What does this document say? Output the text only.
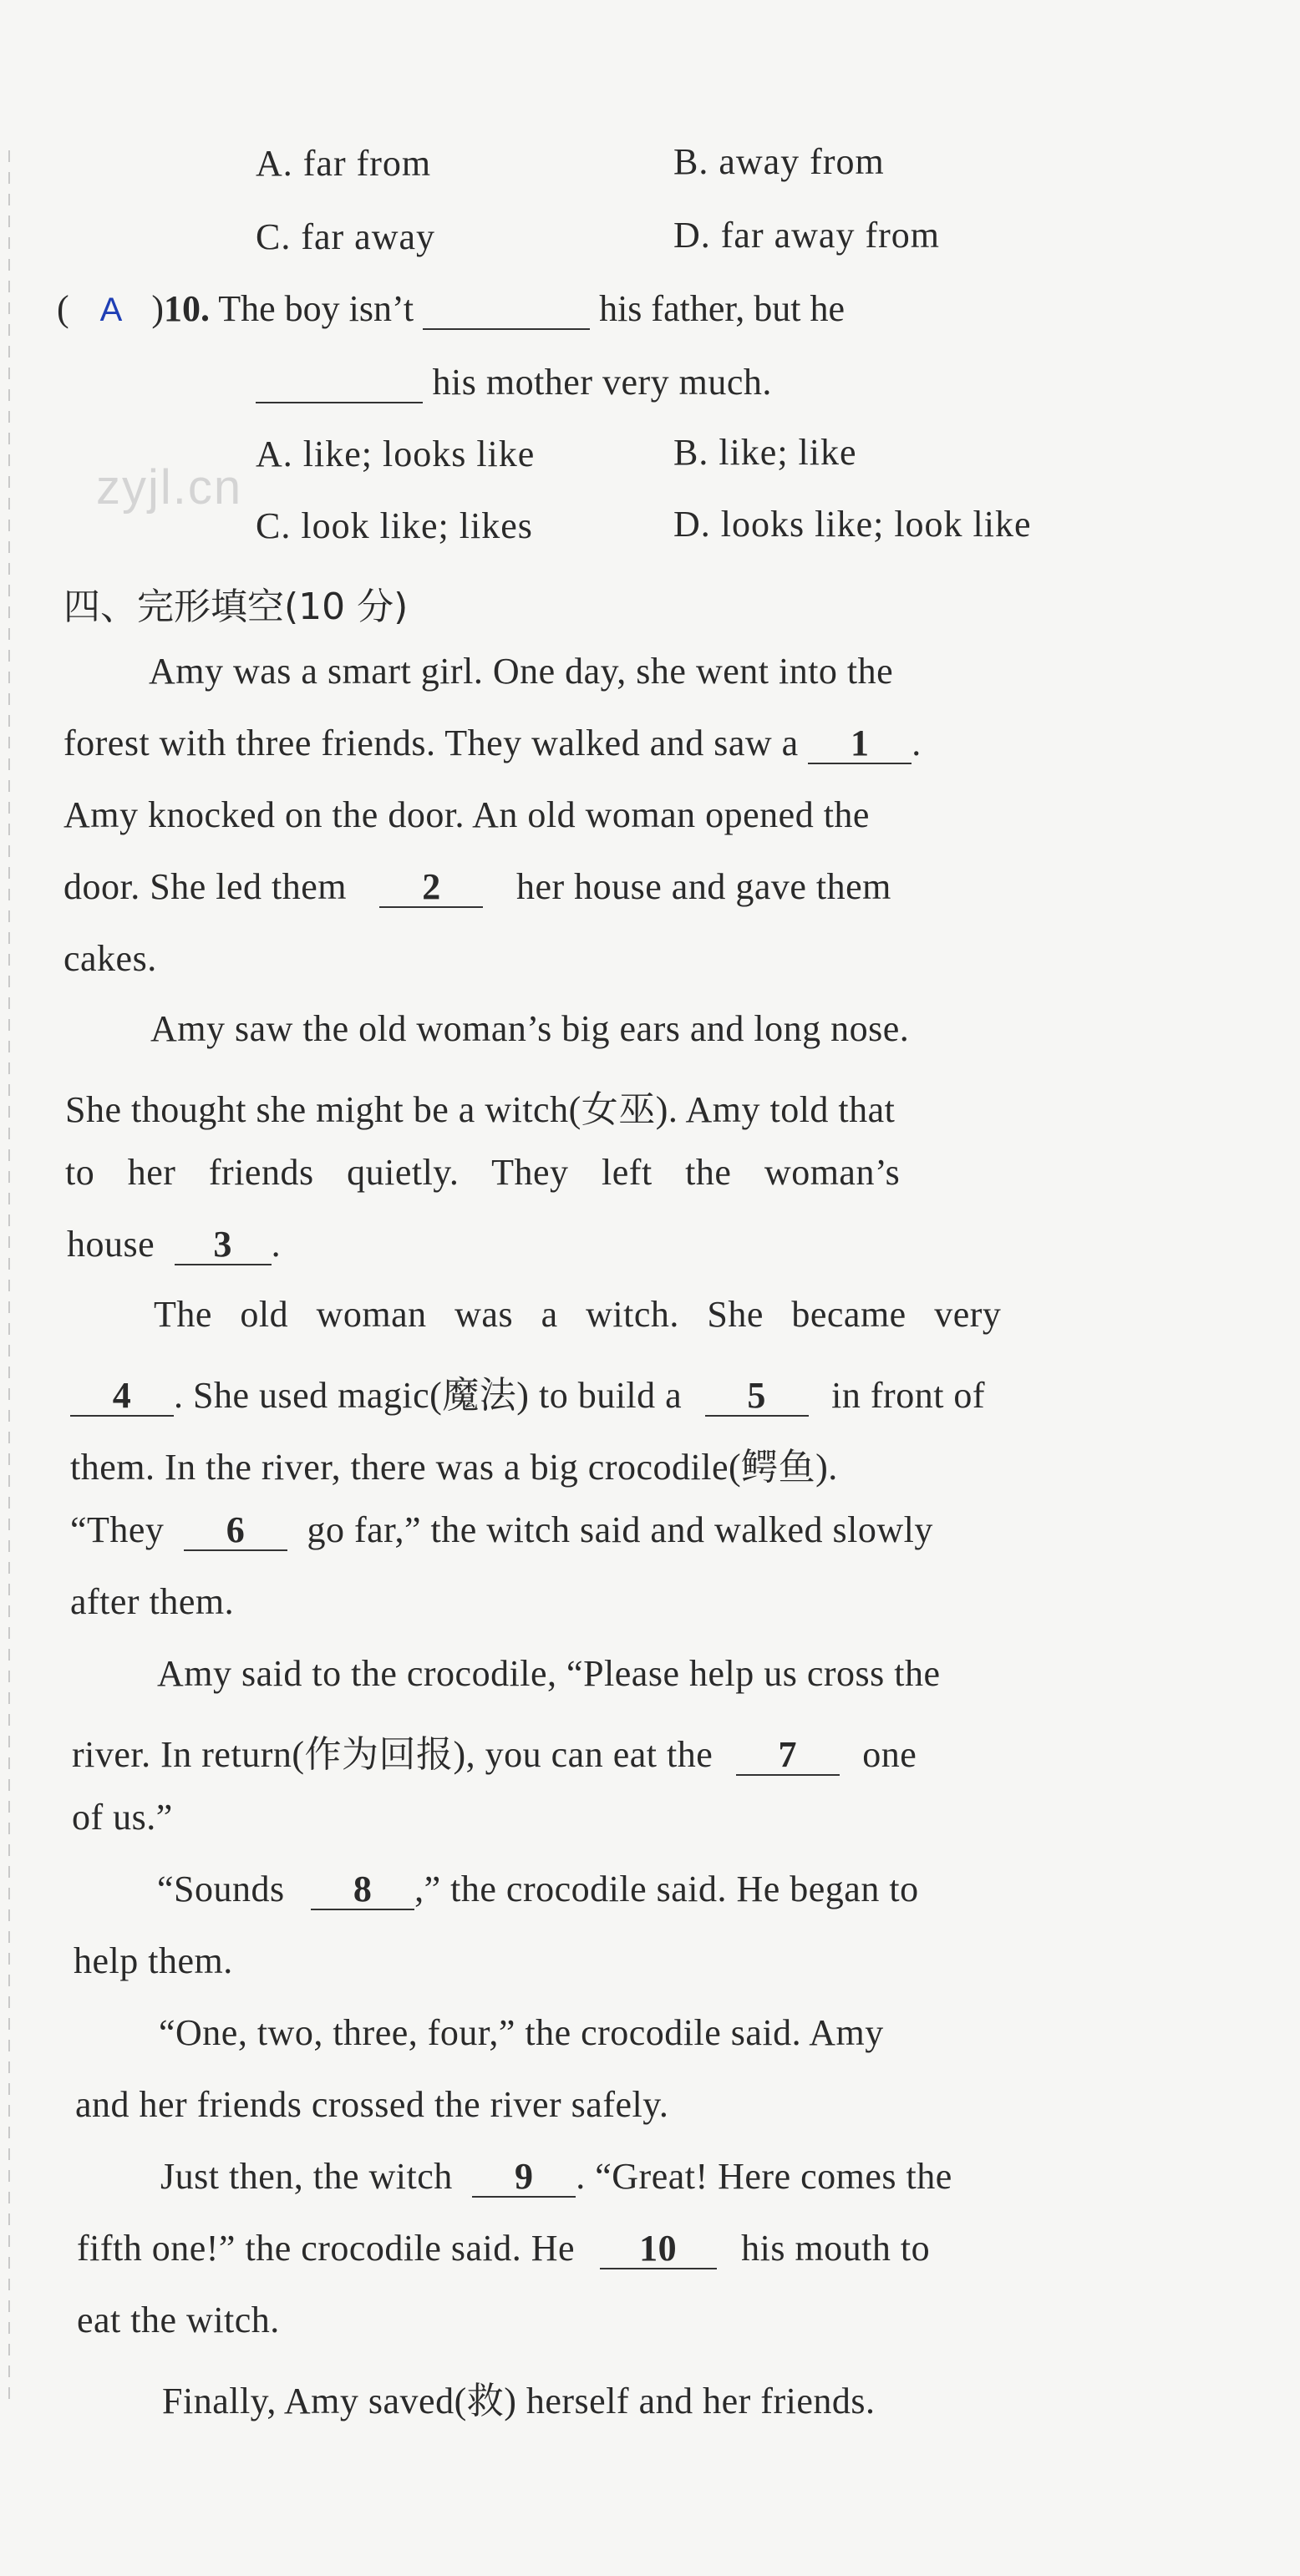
A. far from	B. away from
C. far away	D. far away from
( A )10. The boy isn’t	his father, but he
his mother very much.
A. like; looks like	B. like; like
C. look like; likes	D. looks like; look like
zyjl.cn
四、完形填空(10 分)
Amy was a smart girl. One day, she went into the
forest with three friends. They walked and saw a 1 .
Amy knocked on the door. An old woman opened the
door. She led them 2 her house and gave them
cakes.
Amy saw the old woman’s big ears and long nose.
She thought she might be a witch(女巫). Amy told that
to her friends quietly. They left the woman’s
house 3 .
The old woman was a witch. She became very
4 . She used magic(魔法) to build a 5 in front of
them. In the river, there was a big crocodile(鳄鱼).
“They 6 go far,” the witch said and walked slowly
after them.
Amy said to the crocodile, “Please help us cross the
river. In return(作为回报), you can eat the 7 one
of us.”
“Sounds 8 ,” the crocodile said. He began to
help them.
“One, two, three, four,” the crocodile said. Amy
and her friends crossed the river safely.
Just then, the witch 9 . “Great! Here comes the
fifth one!” the crocodile said. He 10 his mouth to
eat the witch.
Finally, Amy saved(救) herself and her friends.
